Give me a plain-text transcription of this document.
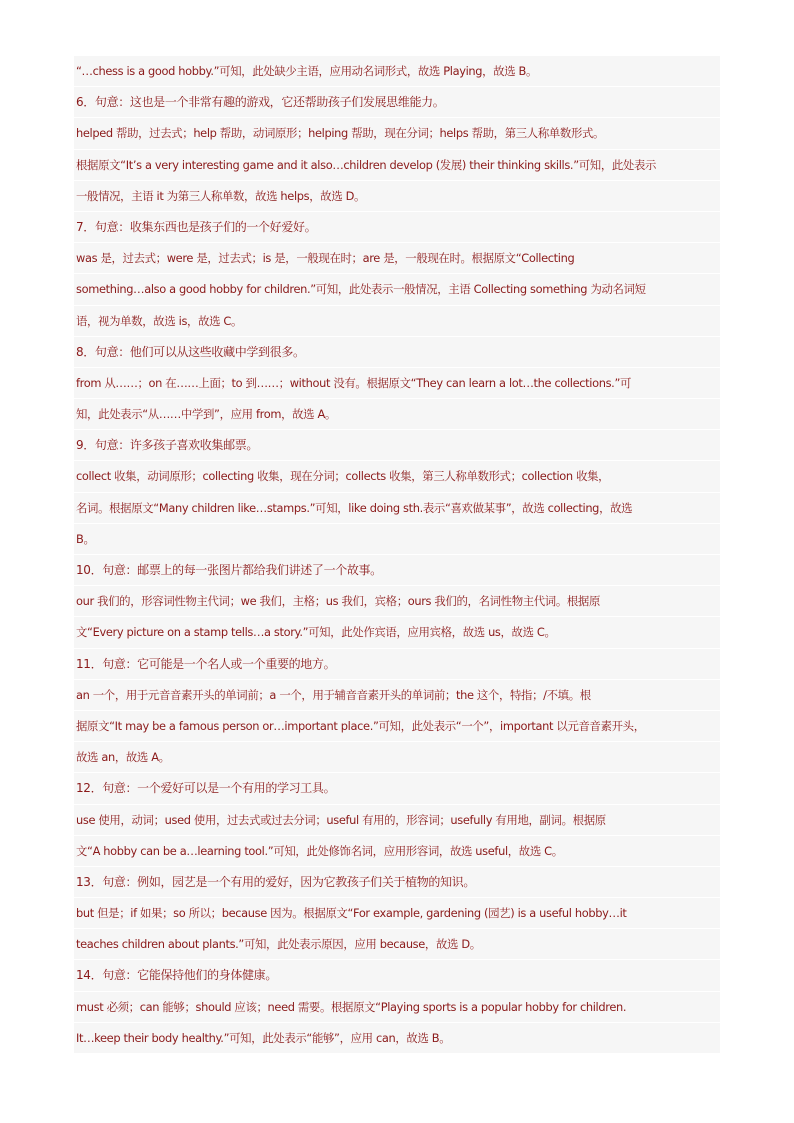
“…chess is a good hobby.”可知，此处缺少主语，应用动名词形式，故选 Playing，故选 B。
6．句意：这也是一个非常有趣的游戏，它还帮助孩子们发展思维能力。
helped 帮助，过去式；help 帮助，动词原形；helping 帮助，现在分词；helps 帮助，第三人称单数形式。
根据原文“It’s a very interesting game and it also…children develop (发展) their thinking skills.”可知，此处表示
一般情况，主语 it 为第三人称单数，故选 helps，故选 D。
7．句意：收集东西也是孩子们的一个好爱好。
was 是，过去式；were 是，过去式；is 是，一般现在时；are 是，一般现在时。根据原文“Collecting
something…also a good hobby for children.”可知，此处表示一般情况，主语 Collecting something 为动名词短
语，视为单数，故选 is，故选 C。
8．句意：他们可以从这些收藏中学到很多。
from 从……；on 在……上面；to 到……；without 没有。根据原文“They can learn a lot…the collections.”可
知，此处表示“从……中学到”，应用 from，故选 A。
9．句意：许多孩子喜欢收集邮票。
collect 收集，动词原形；collecting 收集，现在分词；collects 收集，第三人称单数形式；collection 收集，
名词。根据原文“Many children like…stamps.”可知，like doing sth.表示“喜欢做某事”，故选 collecting，故选
B。
10．句意：邮票上的每一张图片都给我们讲述了一个故事。
our 我们的，形容词性物主代词；we 我们，主格；us 我们，宾格；ours 我们的，名词性物主代词。根据原
文“Every picture on a stamp tells…a story.”可知，此处作宾语，应用宾格，故选 us，故选 C。
11．句意：它可能是一个名人或一个重要的地方。
an 一个，用于元音音素开头的单词前；a 一个，用于辅音音素开头的单词前；the 这个，特指；/不填。根
据原文“It may be a famous person or…important place.”可知，此处表示“一个”，important 以元音音素开头，
故选 an，故选 A。
12．句意：一个爱好可以是一个有用的学习工具。
use 使用，动词；used 使用，过去式或过去分词；useful 有用的，形容词；usefully 有用地，副词。根据原
文“A hobby can be a…learning tool.”可知，此处修饰名词，应用形容词，故选 useful，故选 C。
13．句意：例如，园艺是一个有用的爱好，因为它教孩子们关于植物的知识。
but 但是；if 如果；so 所以；because 因为。根据原文“For example, gardening (园艺) is a useful hobby…it
teaches children about plants.”可知，此处表示原因，应用 because，故选 D。
14．句意：它能保持他们的身体健康。
must 必须；can 能够；should 应该；need 需要。根据原文“Playing sports is a popular hobby for children.
It…keep their body healthy.”可知，此处表示“能够”，应用 can，故选 B。
